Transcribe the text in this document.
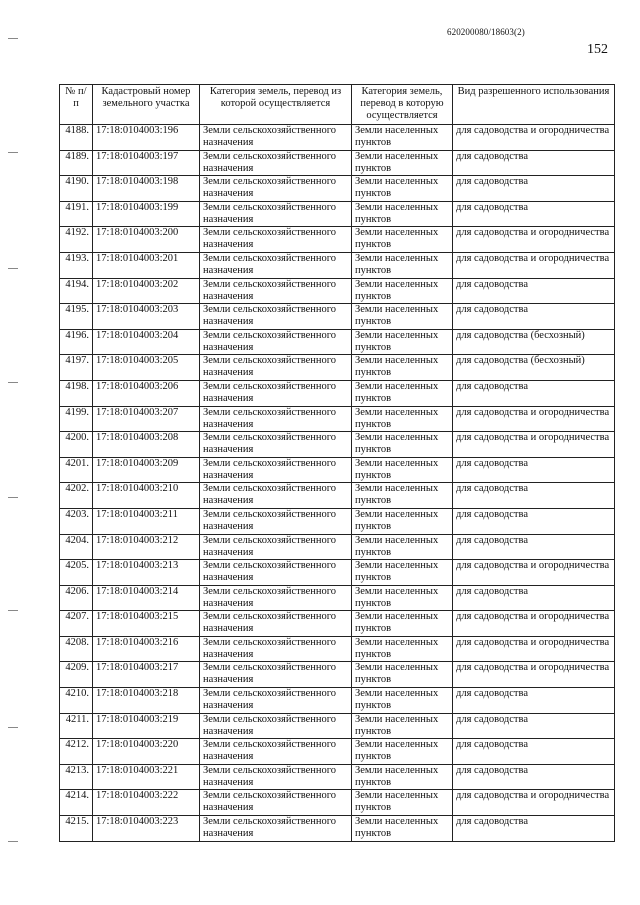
620200080/18603(2)
152
№ п/п	Кадастровый номер земельного участка	Категория земель, перевод из которой осуществляется	Категория земель, перевод в которую осуществляется	Вид разрешенного использования
4188.	17:18:0104003:196	Земли сельскохозяйственного назначения	Земли населенных пунктов	для садоводства и огородничества
4189.	17:18:0104003:197	Земли сельскохозяйственного назначения	Земли населенных пунктов	для садоводства
4190.	17:18:0104003:198	Земли сельскохозяйственного назначения	Земли населенных пунктов	для садоводства
4191.	17:18:0104003:199	Земли сельскохозяйственного назначения	Земли населенных пунктов	для садоводства
4192.	17:18:0104003:200	Земли сельскохозяйственного назначения	Земли населенных пунктов	для садоводства и огородничества
4193.	17:18:0104003:201	Земли сельскохозяйственного назначения	Земли населенных пунктов	для садоводства и огородничества
4194.	17:18:0104003:202	Земли сельскохозяйственного назначения	Земли населенных пунктов	для садоводства
4195.	17:18:0104003:203	Земли сельскохозяйственного назначения	Земли населенных пунктов	для садоводства
4196.	17:18:0104003:204	Земли сельскохозяйственного назначения	Земли населенных пунктов	для садоводства (бесхозный)
4197.	17:18:0104003:205	Земли сельскохозяйственного назначения	Земли населенных пунктов	для садоводства (бесхозный)
4198.	17:18:0104003:206	Земли сельскохозяйственного назначения	Земли населенных пунктов	для садоводства
4199.	17:18:0104003:207	Земли сельскохозяйственного назначения	Земли населенных пунктов	для садоводства и огородничества
4200.	17:18:0104003:208	Земли сельскохозяйственного назначения	Земли населенных пунктов	для садоводства и огородничества
4201.	17:18:0104003:209	Земли сельскохозяйственного назначения	Земли населенных пунктов	для садоводства
4202.	17:18:0104003:210	Земли сельскохозяйственного назначения	Земли населенных пунктов	для садоводства
4203.	17:18:0104003:211	Земли сельскохозяйственного назначения	Земли населенных пунктов	для садоводства
4204.	17:18:0104003:212	Земли сельскохозяйственного назначения	Земли населенных пунктов	для садоводства
4205.	17:18:0104003:213	Земли сельскохозяйственного назначения	Земли населенных пунктов	для садоводства и огородничества
4206.	17:18:0104003:214	Земли сельскохозяйственного назначения	Земли населенных пунктов	для садоводства
4207.	17:18:0104003:215	Земли сельскохозяйственного назначения	Земли населенных пунктов	для садоводства и огородничества
4208.	17:18:0104003:216	Земли сельскохозяйственного назначения	Земли населенных пунктов	для садоводства и огородничества
4209.	17:18:0104003:217	Земли сельскохозяйственного назначения	Земли населенных пунктов	для садоводства и огородничества
4210.	17:18:0104003:218	Земли сельскохозяйственного назначения	Земли населенных пунктов	для садоводства
4211.	17:18:0104003:219	Земли сельскохозяйственного назначения	Земли населенных пунктов	для садоводства
4212.	17:18:0104003:220	Земли сельскохозяйственного назначения	Земли населенных пунктов	для садоводства
4213.	17:18:0104003:221	Земли сельскохозяйственного назначения	Земли населенных пунктов	для садоводства
4214.	17:18:0104003:222	Земли сельскохозяйственного назначения	Земли населенных пунктов	для садоводства и огородничества
4215.	17:18:0104003:223	Земли сельскохозяйственного назначения	Земли населенных пунктов	для садоводства
